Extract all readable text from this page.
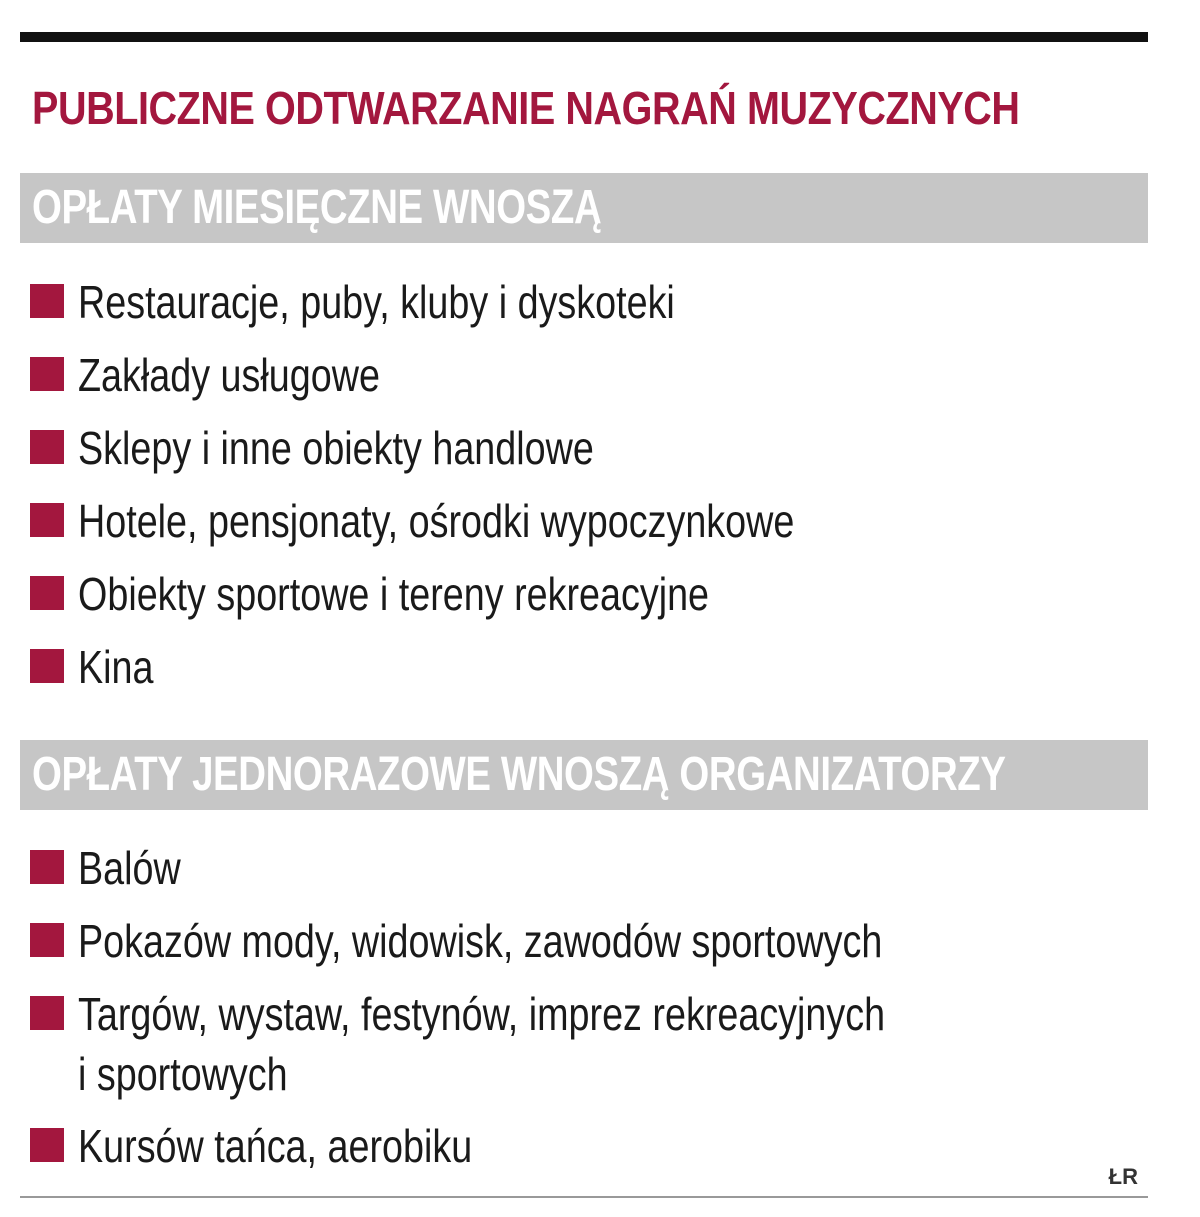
PUBLICZNE ODTWARZANIE NAGRAŃ MUZYCZNYCH
OPŁATY MIESIĘCZNE WNOSZĄ
Restauracje, puby, kluby i dyskoteki
Zakłady usługowe
Sklepy i inne obiekty handlowe
Hotele, pensjonaty, ośrodki wypoczynkowe
Obiekty sportowe i tereny rekreacyjne
Kina
OPŁATY JEDNORAZOWE WNOSZĄ ORGANIZATORZY
Balów
Pokazów mody, widowisk, zawodów sportowych
Targów, wystaw, festynów, imprez rekreacyjnych
i sportowych
Kursów tańca, aerobiku
ŁR
